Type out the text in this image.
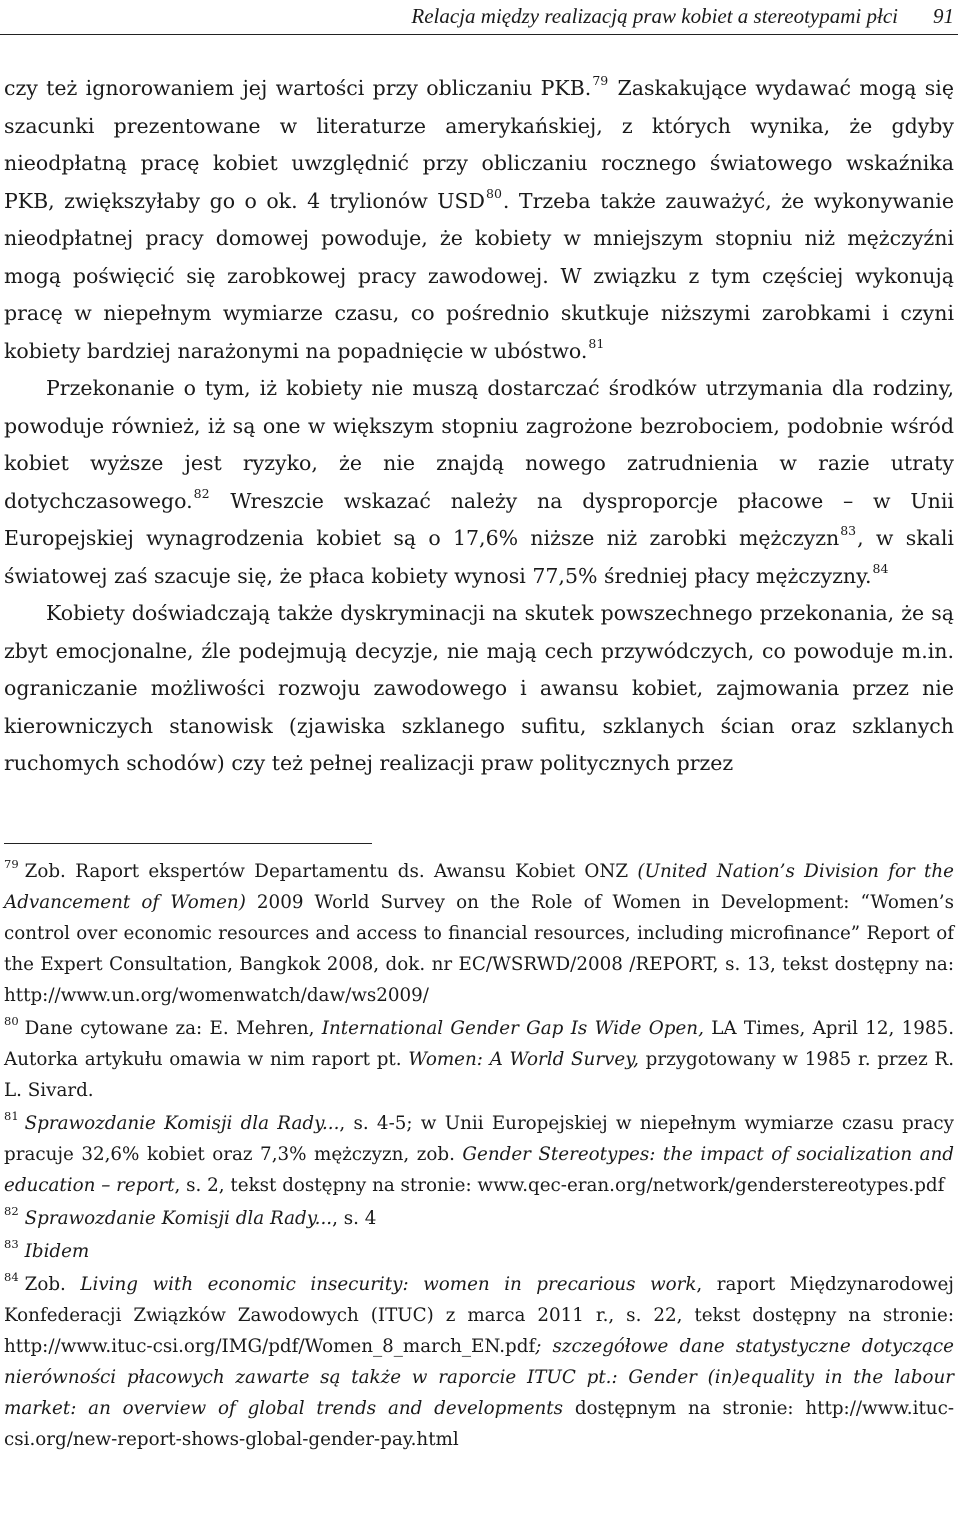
Relacja między realizacją praw kobiet a stereotypami płci 91

czy też ignorowaniem jej wartości przy obliczaniu PKB.$^{79}$ Zaskakujące wydawać mogą się szacunki prezentowane w literaturze amerykańskiej, z których wynika, że gdyby nieodpłatną pracę kobiet uwzględnić przy obliczaniu rocznego światowego wskaźnika PKB, zwiększyłaby go o ok. 4 trylionów USD$^{80}$. Trzeba także zauważyć, że wykonywanie nieodpłatnej pracy domowej powoduje, że kobiety w mniejszym stopniu niż mężczyźni mogą poświęcić się zarobkowej pracy zawodowej. W związku z tym częściej wykonują pracę w niepełnym wymiarze czasu, co pośrednio skutkuje niższymi zarobkami i czyni kobiety bardziej narażonymi na popadnięcie w ubóstwo.$^{81}$

Przekonanie o tym, iż kobiety nie muszą dostarczać środków utrzymania dla rodziny, powoduje również, iż są one w większym stopniu zagrożone bezrobociem, podobnie wśród kobiet wyższe jest ryzyko, że nie znajdą nowego zatrudnienia w razie utraty dotychczasowego.$^{82}$ Wreszcie wskazać należy na dysproporcje płacowe – w Unii Europejskiej wynagrodzenia kobiet są o 17,6% niższe niż zarobki mężczyzn$^{83}$, w skali światowej zaś szacuje się, że płaca kobiety wynosi 77,5% średniej płacy mężczyzny.$^{84}$

Kobiety doświadczają także dyskryminacji na skutek powszechnego przekonania, że są zbyt emocjonalne, źle podejmują decyzje, nie mają cech przywódczych, co powoduje m.in. ograniczanie możliwości rozwoju zawodowego i awansu kobiet, zajmowania przez nie kierowniczych stanowisk (zjawiska szklanego sufitu, szklanych ścian oraz szklanych ruchomych schodów) czy też pełnej realizacji praw politycznych przez

$^{79}$ Zob. Raport ekspertów Departamentu ds. Awansu Kobiet ONZ (United Nation’s Division for the Advancement of Women) 2009 World Survey on the Role of Women in Development: “Women’s control over economic resources and access to financial resources, including microfinance” Report of the Expert Consultation, Bangkok 2008, dok. nr EC/WSRWD/2008 /REPORT, s. 13, tekst dostępny na: http://www.un.org/womenwatch/daw/ws2009/

$^{80}$ Dane cytowane za: E. Mehren, International Gender Gap Is Wide Open, LA Times, April 12, 1985. Autorka artykułu omawia w nim raport pt. Women: A World Survey, przygotowany w 1985 r. przez R. L. Sivard.

$^{81}$ Sprawozdanie Komisji dla Rady..., s. 4-5; w Unii Europejskiej w niepełnym wymiarze czasu pracy pracuje 32,6% kobiet oraz 7,3% mężczyzn, zob. Gender Stereotypes: the impact of socialization and education – report, s. 2, tekst dostępny na stronie: www.qec-eran.org/network/genderstereotypes.pdf

$^{82}$ Sprawozdanie Komisji dla Rady..., s. 4

$^{83}$ Ibidem

$^{84}$ Zob. Living with economic insecurity: women in precarious work, raport Międzynarodowej Konfederacji Związków Zawodowych (ITUC) z marca 2011 r., s. 22, tekst dostępny na stronie: http://www.ituc-csi.org/IMG/pdf/Women_8_march_EN.pdf; szczegółowe dane statystyczne dotyczące nierówności płacowych zawarte są także w raporcie ITUC pt.: Gender (in)equality in the labour market: an overview of global trends and developments dostępnym na stronie: http://www.ituc-csi.org/new-report-shows-global-gender-pay.html
